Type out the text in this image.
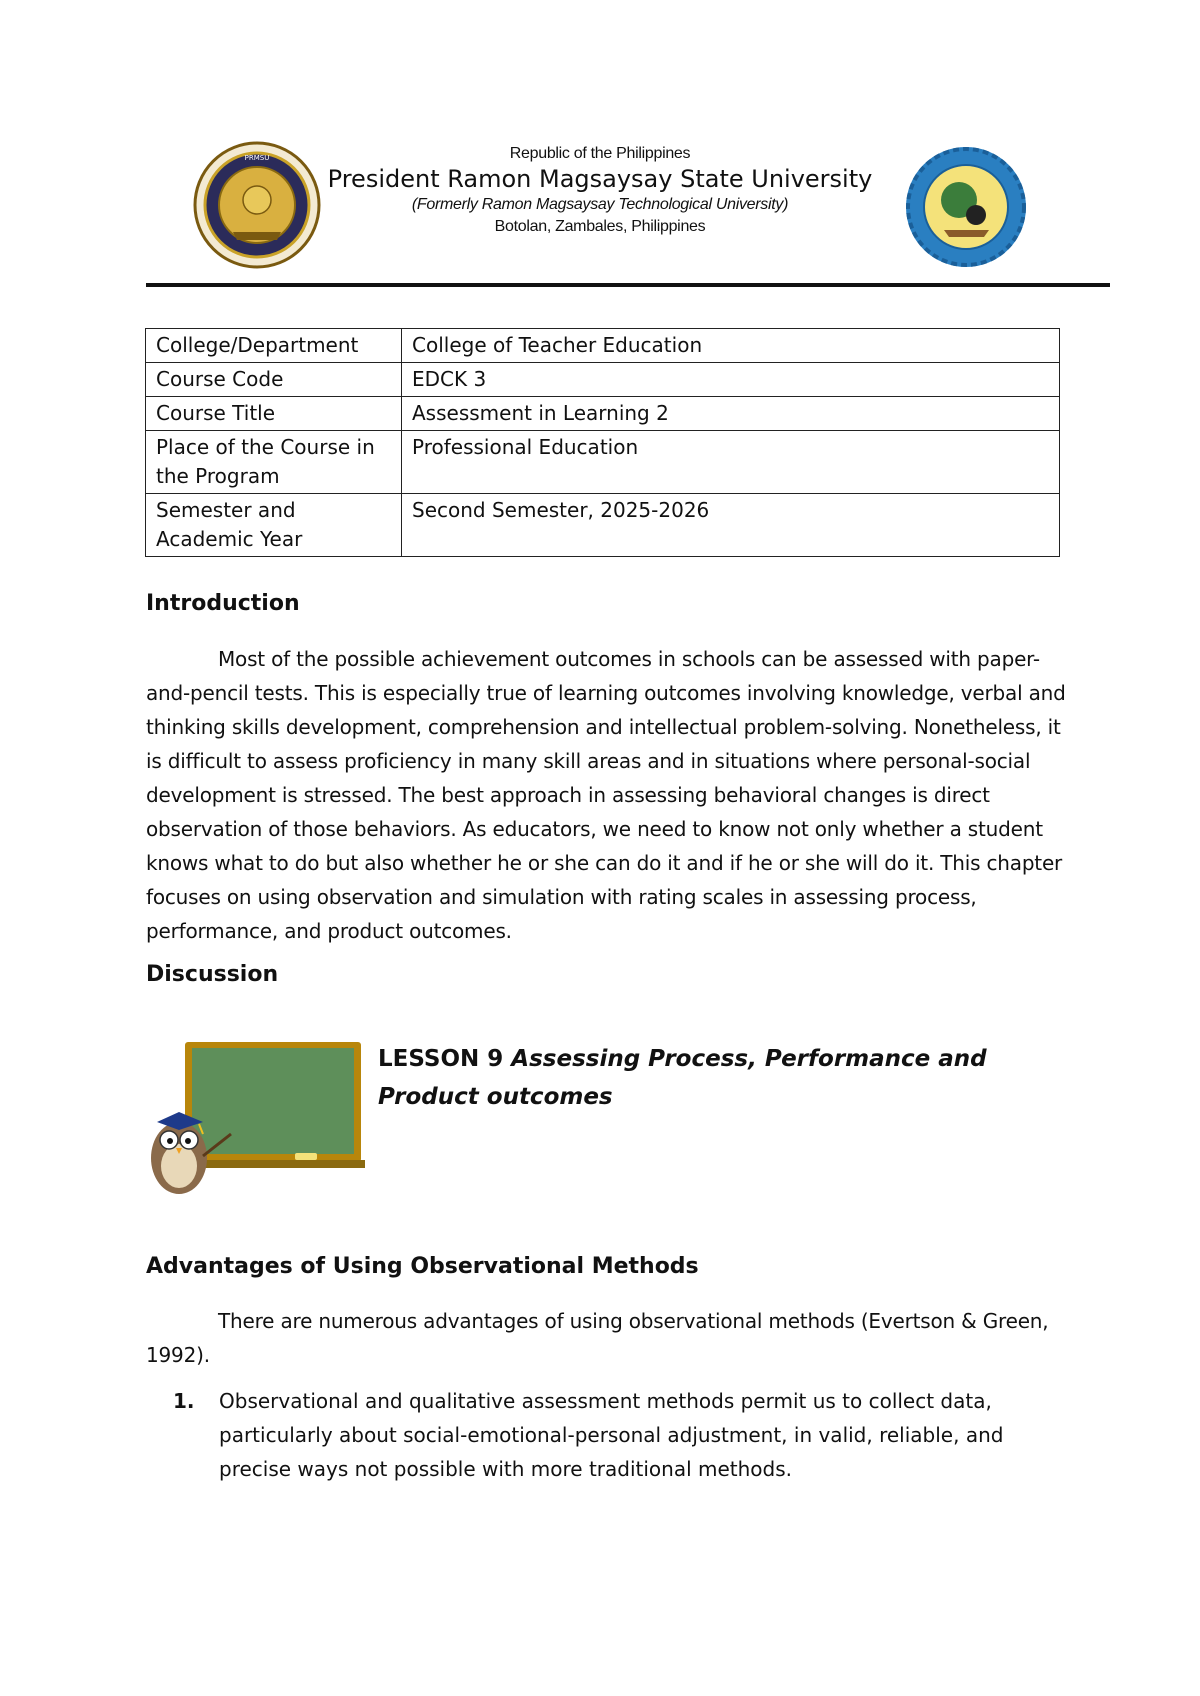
PRMSU	Republic of the Philippines
President Ramon Magsaysay State University
(Formerly Ramon Magsaysay Technological University)
Botolan, Zambales, Philippines
College/Department	College of Teacher Education
Course Code	EDCK 3
Course Title	Assessment in Learning 2
Place of the Course in the Program	Professional Education
Semester and Academic Year	Second Semester, 2025-2026
Introduction

Most of the possible achievement outcomes in schools can be assessed with paper-and-pencil tests. This is especially true of learning outcomes involving knowledge, verbal and thinking skills development, comprehension and intellectual problem-solving. Nonetheless, it is difficult to assess proficiency in many skill areas and in situations where personal-social development is stressed. The best approach in assessing behavioral changes is direct observation of those behaviors. As educators, we need to know not only whether a student knows what to do but also whether he or she can do it and if he or she will do it. This chapter focuses on using observation and simulation with rating scales in assessing process, performance, and product outcomes.

Discussion
LESSON 9 Assessing Process, Performance and Product outcomes
Advantages of Using Observational Methods

There are numerous advantages of using observational methods (Evertson & Green, 1992).

1. Observational and qualitative assessment methods permit us to collect data, particularly about social-emotional-personal adjustment, in valid, reliable, and precise ways not possible with more traditional methods.
